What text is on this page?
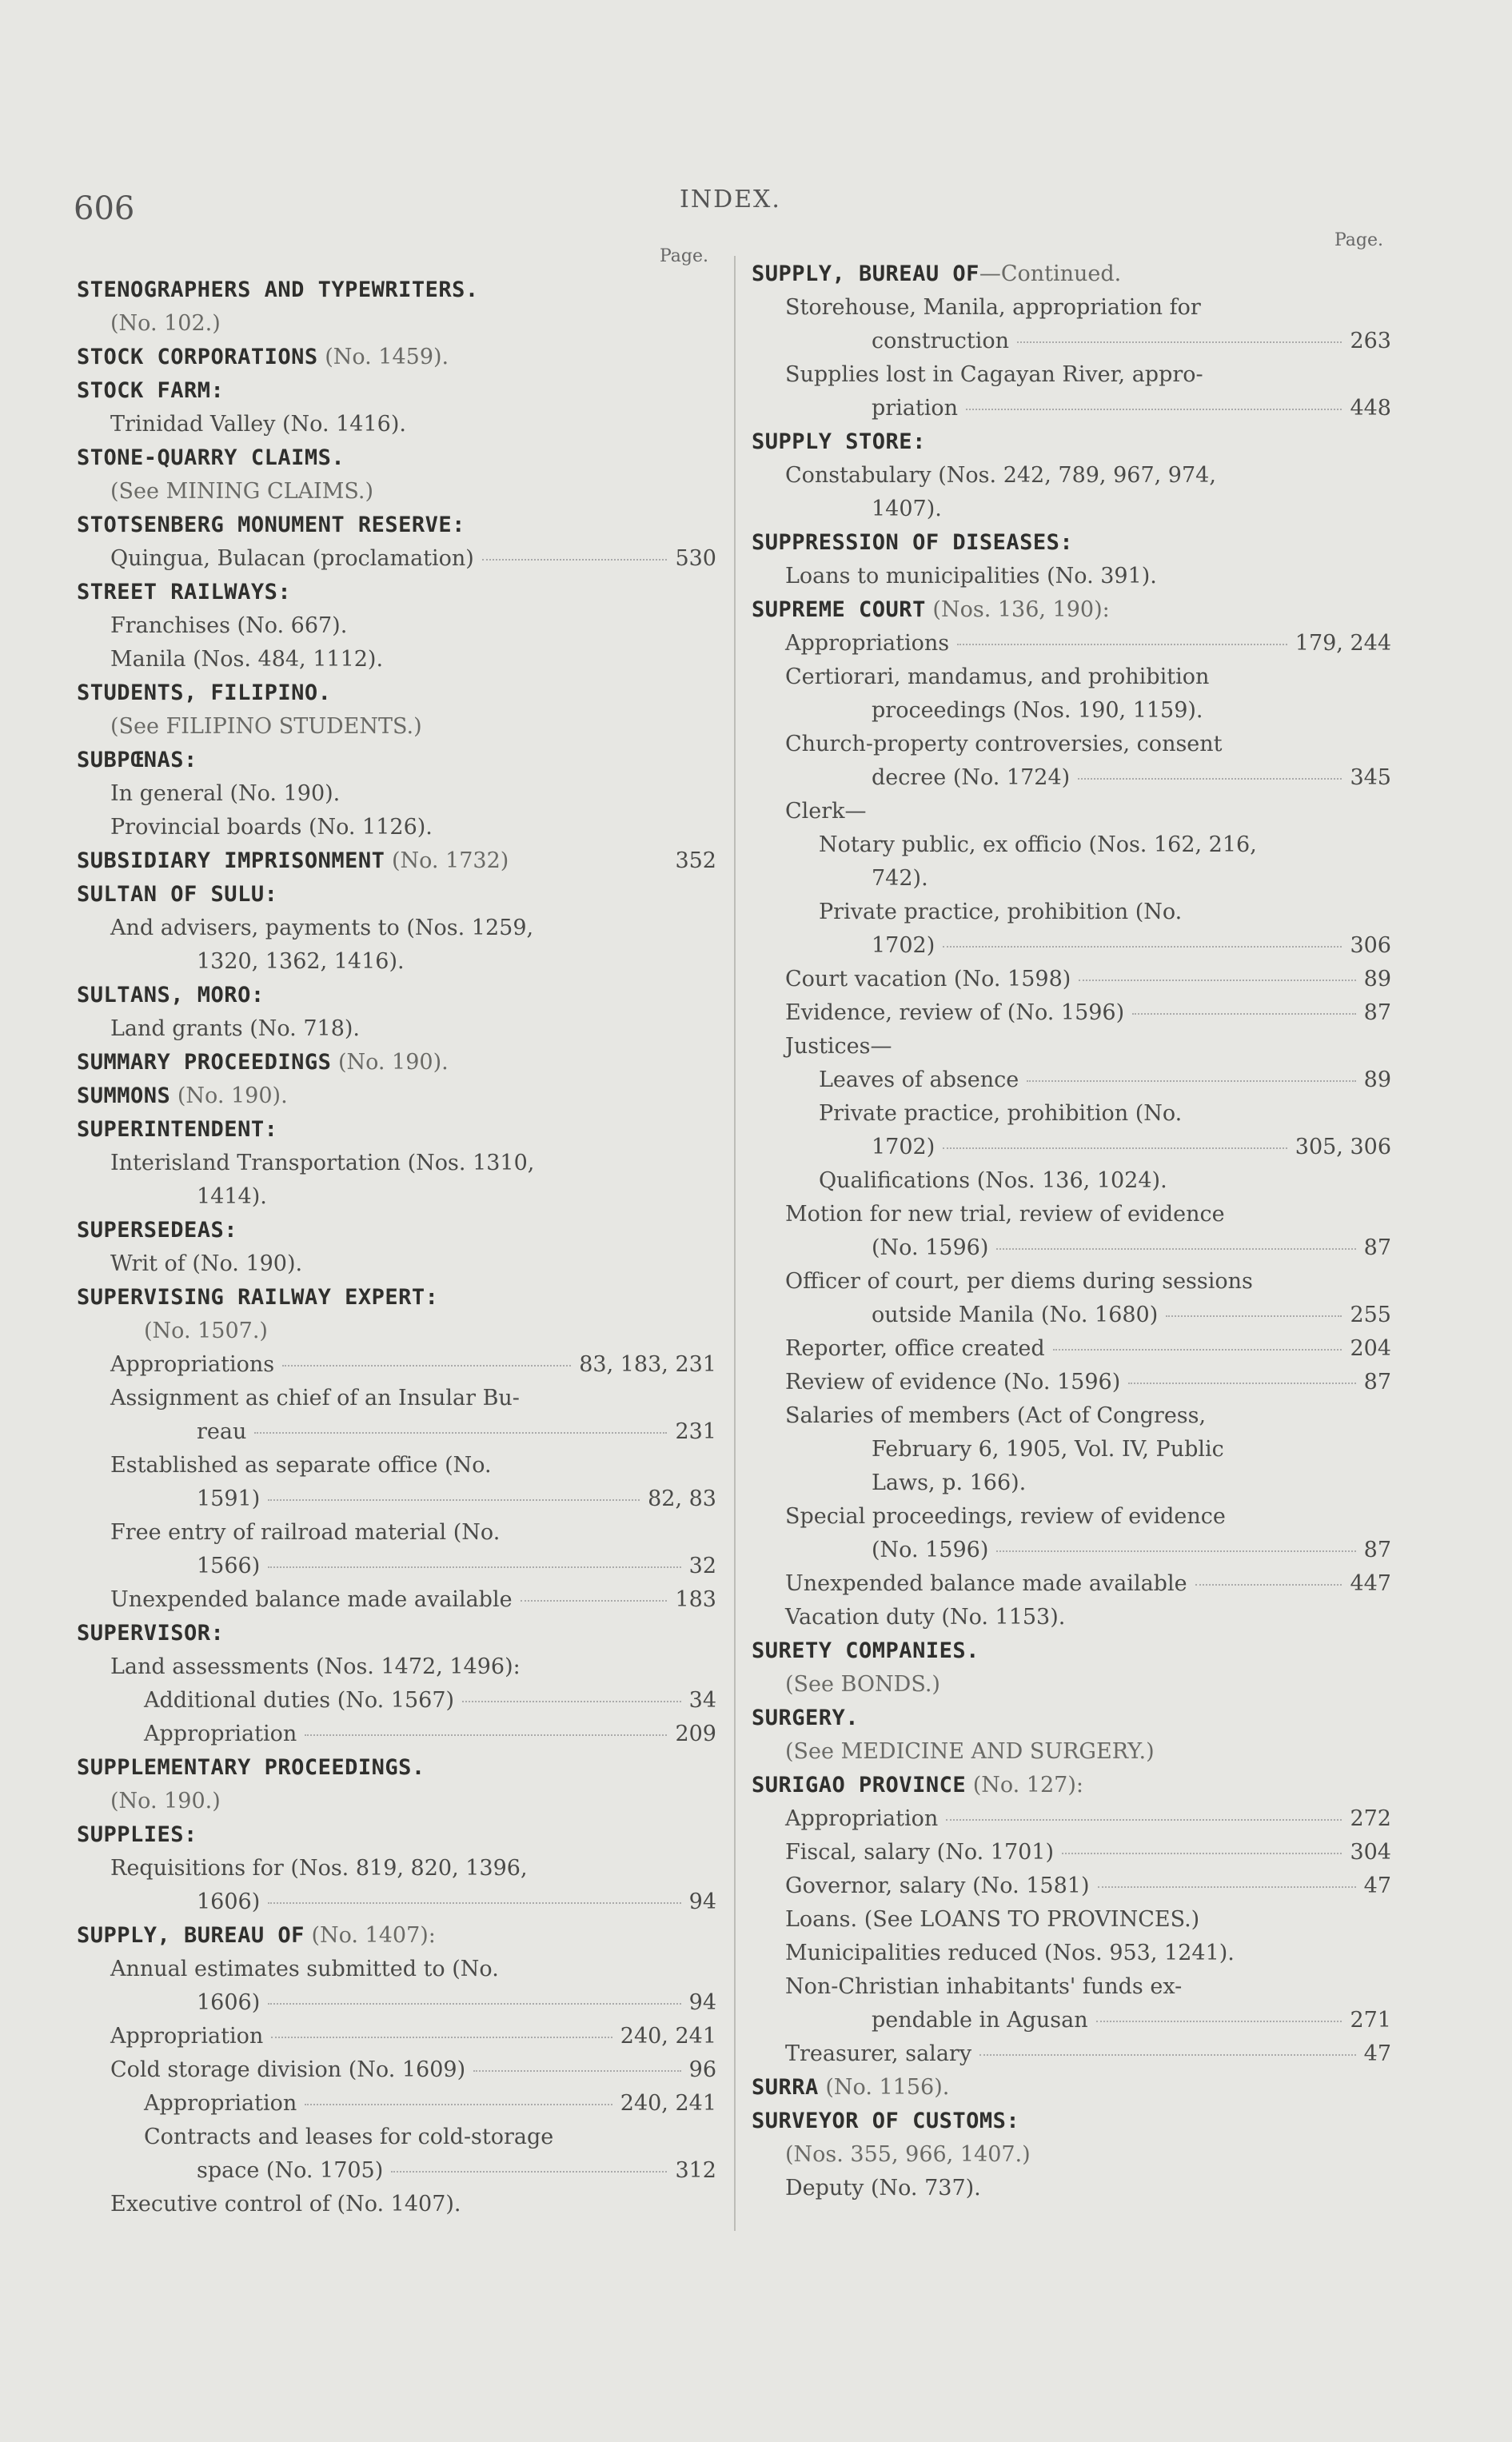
606	INDEX.
Page.
STENOGRAPHERS AND TYPEWRITERS.
(No. 102.)
STOCK CORPORATIONS (No. 1459).
STOCK FARM:
Trinidad Valley (No. 1416).
STONE-QUARRY CLAIMS.
(See MINING CLAIMS.)
STOTSENBERG MONUMENT RESERVE:
Quingua, Bulacan (proclamation)	530
STREET RAILWAYS:
Franchises (No. 667).
Manila (Nos. 484, 1112).
STUDENTS, FILIPINO.
(See FILIPINO STUDENTS.)
SUBPŒNAS:
In general (No. 190).
Provincial boards (No. 1126).
SUBSIDIARY IMPRISONMENT (No. 1732)	352
SULTAN OF SULU:
And advisers, payments to (Nos. 1259,
1320, 1362, 1416).
SULTANS, MORO:
Land grants (No. 718).
SUMMARY PROCEEDINGS (No. 190).
SUMMONS (No. 190).
SUPERINTENDENT:
Interisland Transportation (Nos. 1310,
1414).
SUPERSEDEAS:
Writ of (No. 190).
SUPERVISING RAILWAY EXPERT:
(No. 1507.)
Appropriations	83, 183, 231
Assignment as chief of an Insular Bu-
reau	231
Established as separate office (No.
1591)	82, 83
Free entry of railroad material (No.
1566)	32
Unexpended balance made available	183
SUPERVISOR:
Land assessments (Nos. 1472, 1496):
Additional duties (No. 1567)	34
Appropriation	209
SUPPLEMENTARY PROCEEDINGS.
(No. 190.)
SUPPLIES:
Requisitions for (Nos. 819, 820, 1396,
1606)	94
SUPPLY, BUREAU OF (No. 1407):
Annual estimates submitted to (No.
1606)	94
Appropriation	240, 241
Cold storage division (No. 1609)	96
Appropriation	240, 241
Contracts and leases for cold-storage
space (No. 1705)	312
Executive control of (No. 1407).
Page.
SUPPLY, BUREAU OF—Continued.
Storehouse, Manila, appropriation for
construction	263
Supplies lost in Cagayan River, appro-
priation	448
SUPPLY STORE:
Constabulary (Nos. 242, 789, 967, 974,
1407).
SUPPRESSION OF DISEASES:
Loans to municipalities (No. 391).
SUPREME COURT (Nos. 136, 190):
Appropriations	179, 244
Certiorari, mandamus, and prohibition
proceedings (Nos. 190, 1159).
Church-property controversies, consent
decree (No. 1724)	345
Clerk—
Notary public, ex officio (Nos. 162, 216,
742).
Private practice, prohibition (No.
1702)	306
Court vacation (No. 1598)	89
Evidence, review of (No. 1596)	87
Justices—
Leaves of absence	89
Private practice, prohibition (No.
1702)	305, 306
Qualifications (Nos. 136, 1024).
Motion for new trial, review of evidence
(No. 1596)	87
Officer of court, per diems during sessions
outside Manila (No. 1680)	255
Reporter, office created	204
Review of evidence (No. 1596)	87
Salaries of members (Act of Congress,
February 6, 1905, Vol. IV, Public
Laws, p. 166).
Special proceedings, review of evidence
(No. 1596)	87
Unexpended balance made available	447
Vacation duty (No. 1153).
SURETY COMPANIES.
(See BONDS.)
SURGERY.
(See MEDICINE AND SURGERY.)
SURIGAO PROVINCE (No. 127):
Appropriation	272
Fiscal, salary (No. 1701)	304
Governor, salary (No. 1581)	47
Loans. (See LOANS TO PROVINCES.)
Municipalities reduced (Nos. 953, 1241).
Non-Christian inhabitants' funds ex-
pendable in Agusan	271
Treasurer, salary	47
SURRA (No. 1156).
SURVEYOR OF CUSTOMS:
(Nos. 355, 966, 1407.)
Deputy (No. 737).
